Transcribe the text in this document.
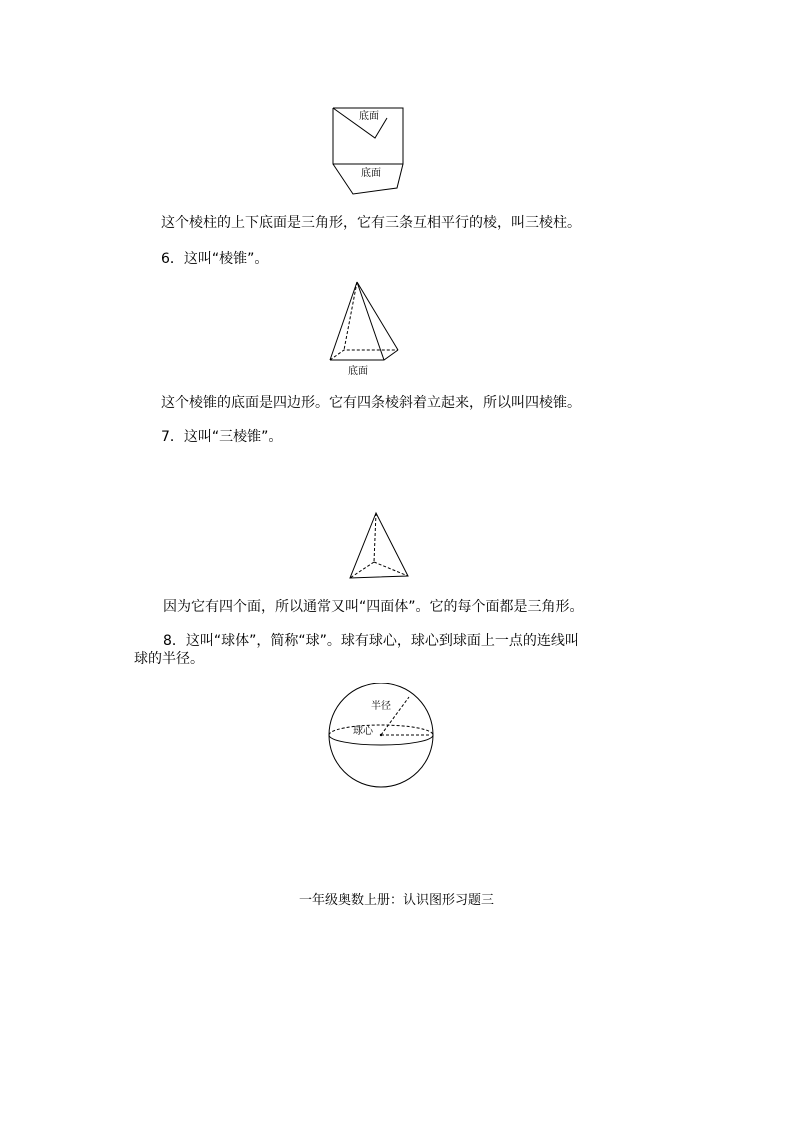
底面
底面
这个棱柱的上下底面是三角形，它有三条互相平行的棱，叫三棱柱。
6．这叫“棱锥”。
底面
这个棱锥的底面是四边形。它有四条棱斜着立起来，所以叫四棱锥。
7．这叫“三棱锥”。
因为它有四个面，所以通常又叫“四面体”。它的每个面都是三角形。
8．这叫“球体”，简称“球”。球有球心，球心到球面上一点的连线叫
球的半径。
半径
球心
一年级奥数上册：认识图形习题三
